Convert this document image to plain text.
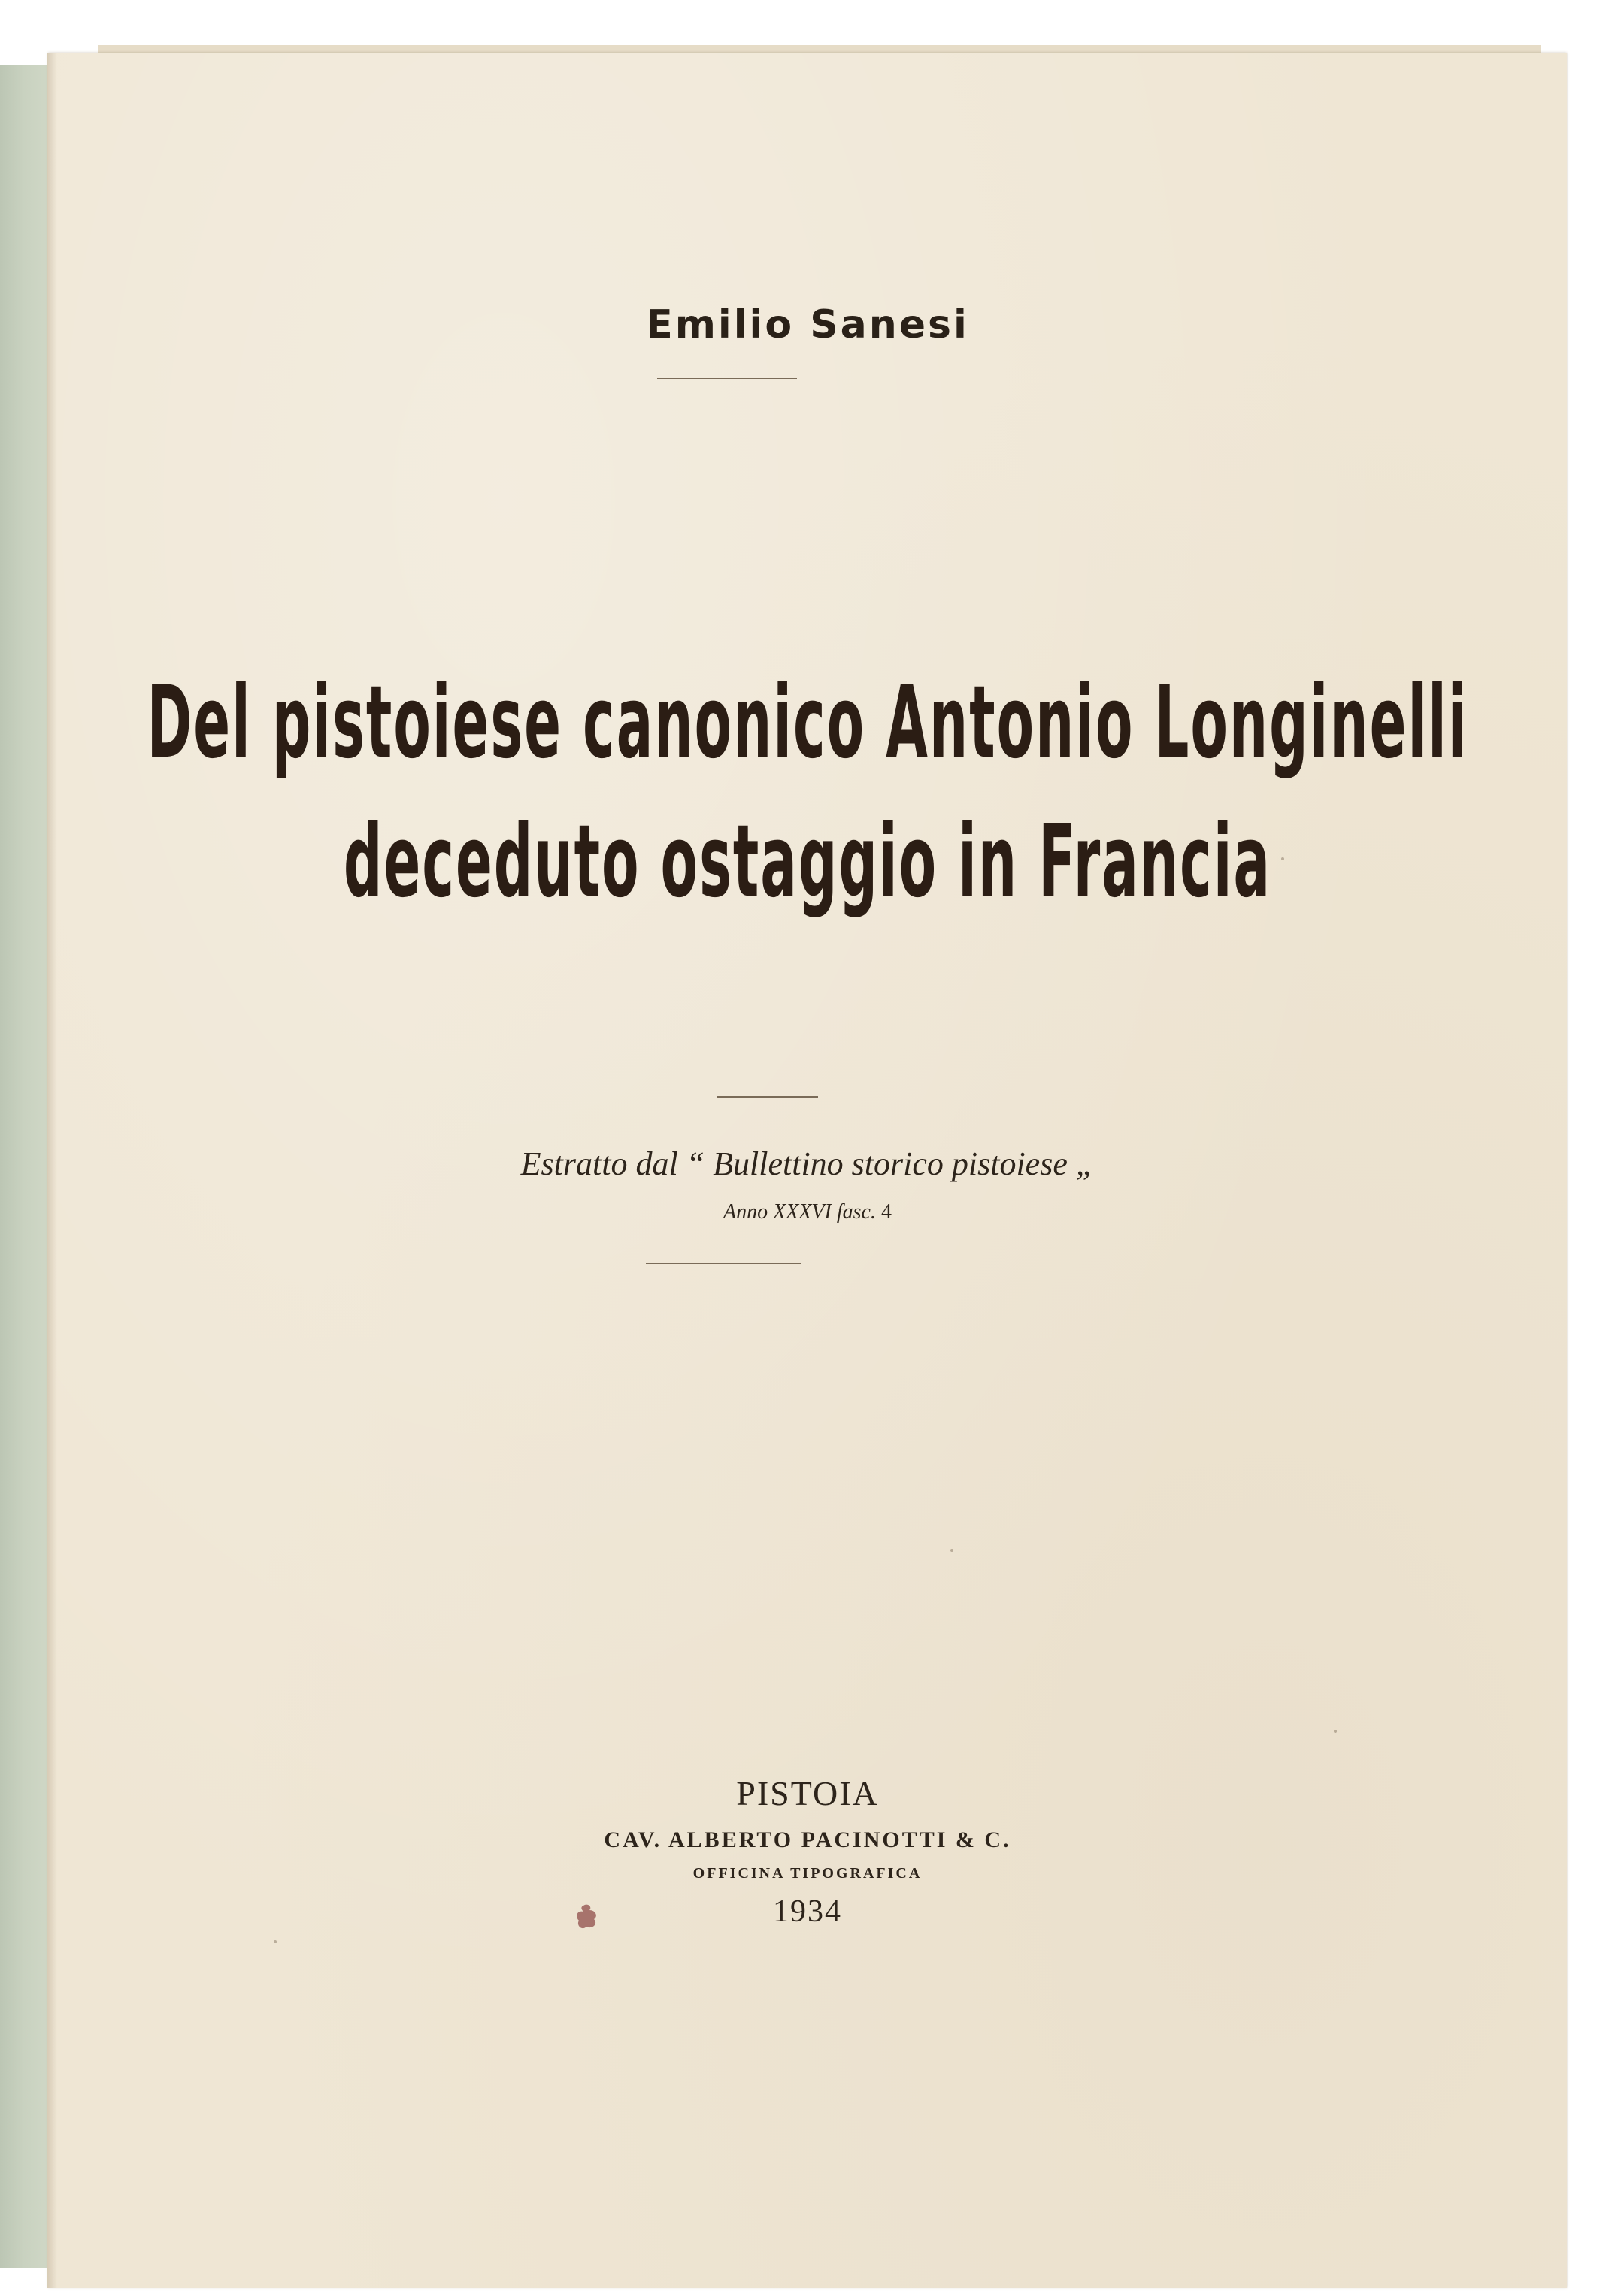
Emilio Sanesi
Del pistoiese canonico Antonio Longinelli
deceduto ostaggio in Francia

Estratto dal “ Bullettino storico pistoiese „

Anno XXXVI fasc. 4

PISTOIA

CAV. ALBERTO PACINOTTI & C.

OFFICINA TIPOGRAFICA

1934
